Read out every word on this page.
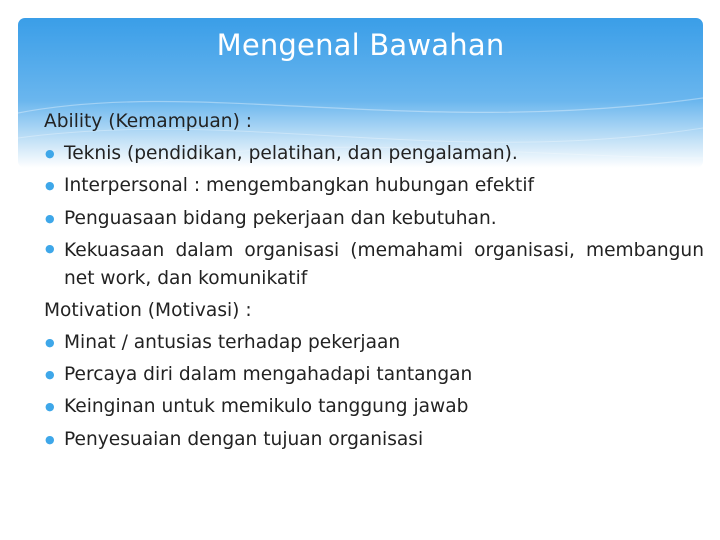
Mengenal Bawahan
Ability (Kemampuan) :
● Teknis (pendidikan, pelatihan, dan pengalaman).
● Interpersonal : mengembangkan hubungan efektif
● Penguasaan bidang pekerjaan dan kebutuhan.
● Kekuasaan dalam organisasi (memahami organisasi, membangun net work, dan komunikatif
Motivation (Motivasi) :
● Minat / antusias terhadap pekerjaan
● Percaya diri dalam mengahadapi tantangan
● Keinginan untuk memikulo tanggung jawab
● Penyesuaian dengan tujuan organisasi
